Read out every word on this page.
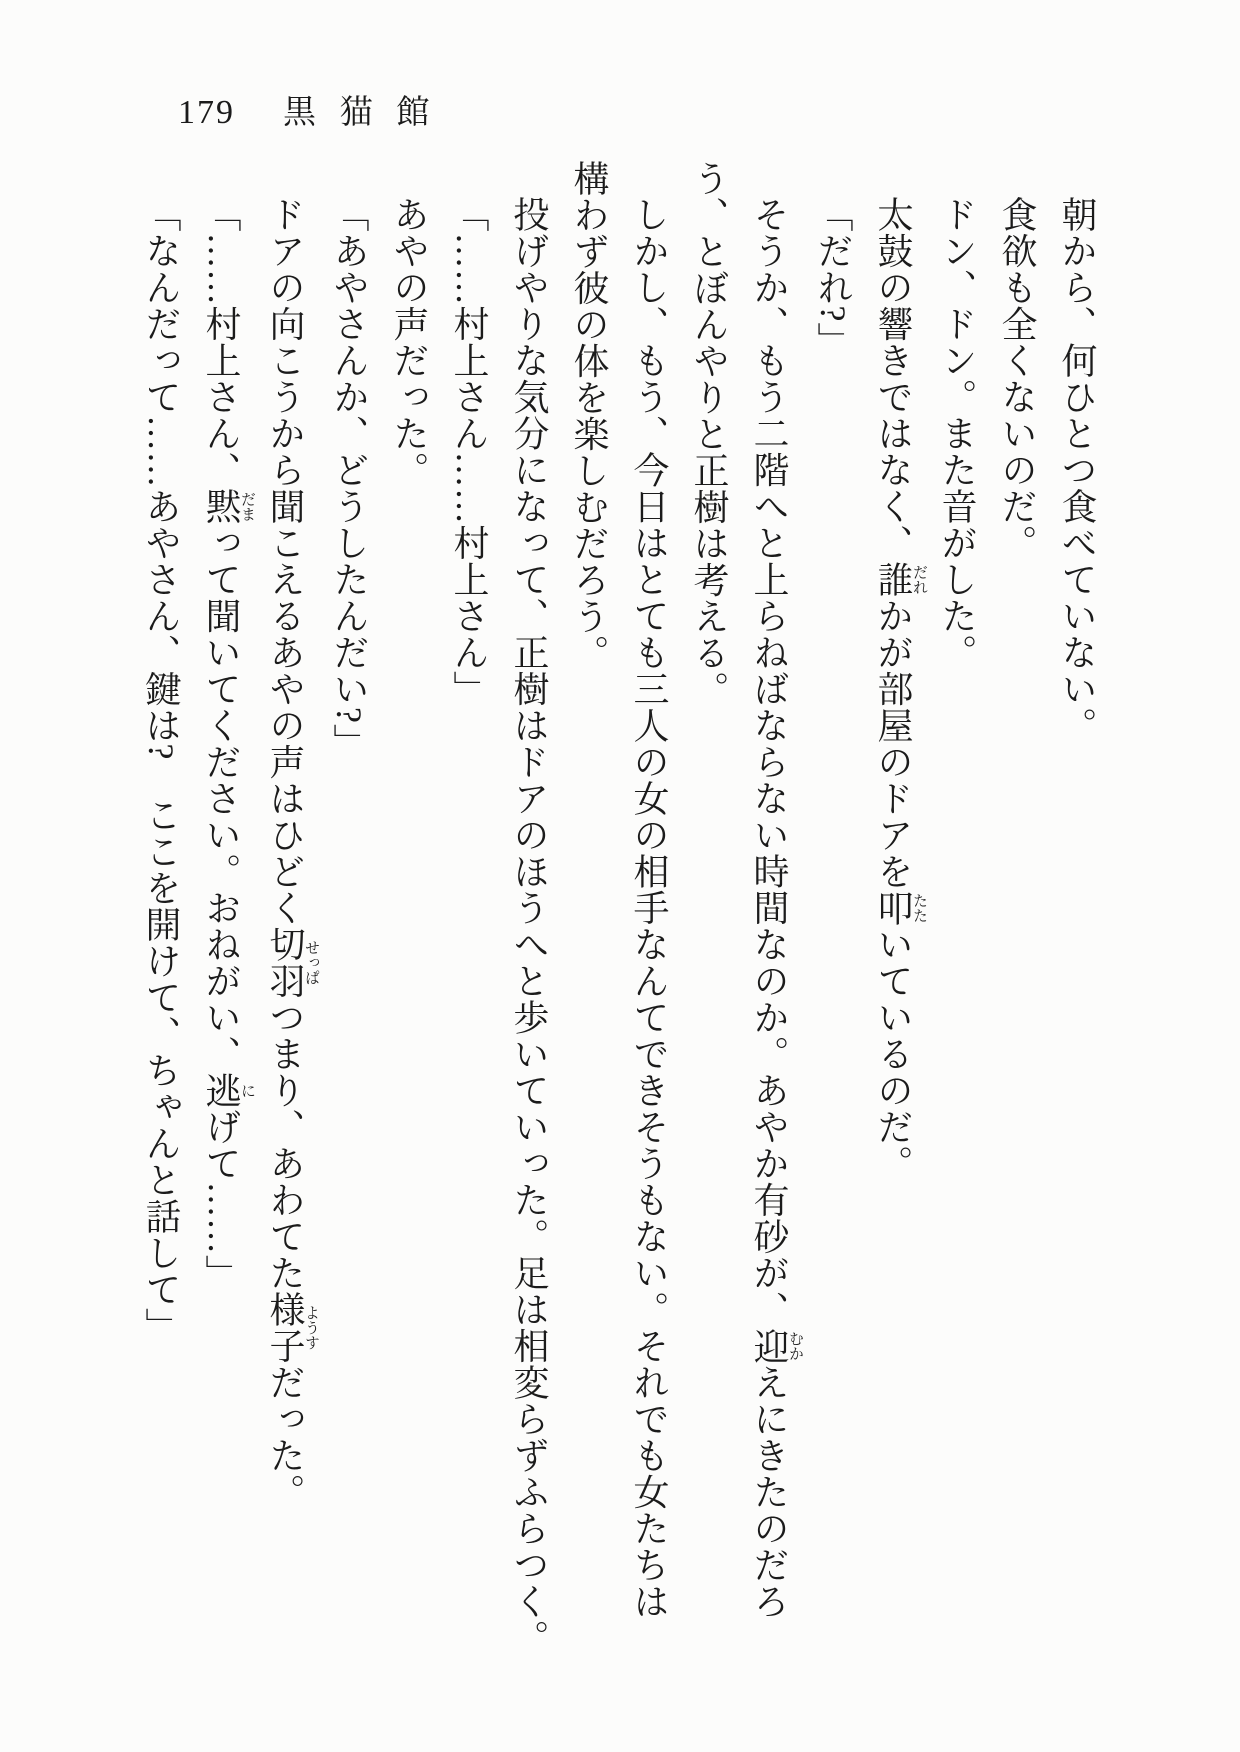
179 黒猫館

朝から、何ひとつ食べていない。

食欲も全くないのだ。

ドン、ドン。また音がした。

太鼓の響きではなく、誰だれかが部屋のドアを叩たたいているのだ。

「だれ?」

そうか、もう二階へと上らねばならない時間なのか。あやか有砂が、迎むかえにきたのだろ
う、とぼんやりと正樹は考える。

しかし、もう、今日はとても三人の女の相手なんてできそうもない。それでも女たちは
構わず彼の体を楽しむだろう。

投げやりな気分になって、正樹はドアのほうへと歩いていった。足は相変らずふらつく。

「……村上さん……村上さん」

あやの声だった。

「あやさんか、どうしたんだい?」

ドアの向こうから聞こえるあやの声はひどく切羽せっぱつまり、あわてた様子ようすだった。

「……村上さん、黙だまって聞いてください。おねがい、逃にげて……」

「なんだって……あやさん、鍵は?　ここを開けて、ちゃんと話して」
